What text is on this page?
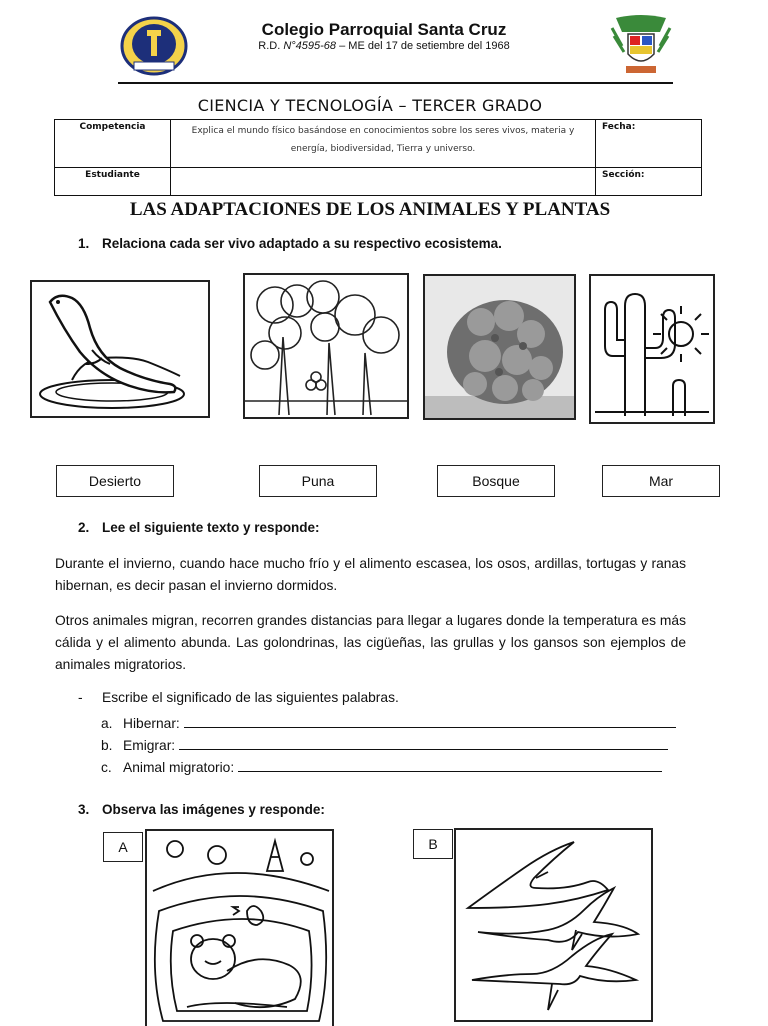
Colegio Parroquial Santa Cruz
R.D. N°4595-68 – ME del 17 de setiembre del 1968
CIENCIA Y TECNOLOGÍA – TERCER GRADO
Competencia	Explica el mundo físico basándose en conocimientos sobre los seres vivos, materia y energía, biodiversidad, Tierra y universo.	Fecha:
Estudiante		Sección:
LAS ADAPTACIONES DE LOS ANIMALES Y PLANTAS
1. Relaciona cada ser vivo adaptado a su respectivo ecosistema.
Desierto	Puna	Bosque	Mar
2. Lee el siguiente texto y responde:
Durante el invierno, cuando hace mucho frío y el alimento escasea, los osos, ardillas, tortugas y ranas hibernan, es decir pasan el invierno dormidos.
Otros animales migran, recorren grandes distancias para llegar a lugares donde la temperatura es más cálida y el alimento abunda. Las golondrinas, las cigüeñas, las grullas y los gansos son ejemplos de animales migratorios.
- Escribe el significado de las siguientes palabras.
a. Hibernar:
b. Emigrar:
c. Animal migratorio:
3. Observa las imágenes y responde:
A	B
